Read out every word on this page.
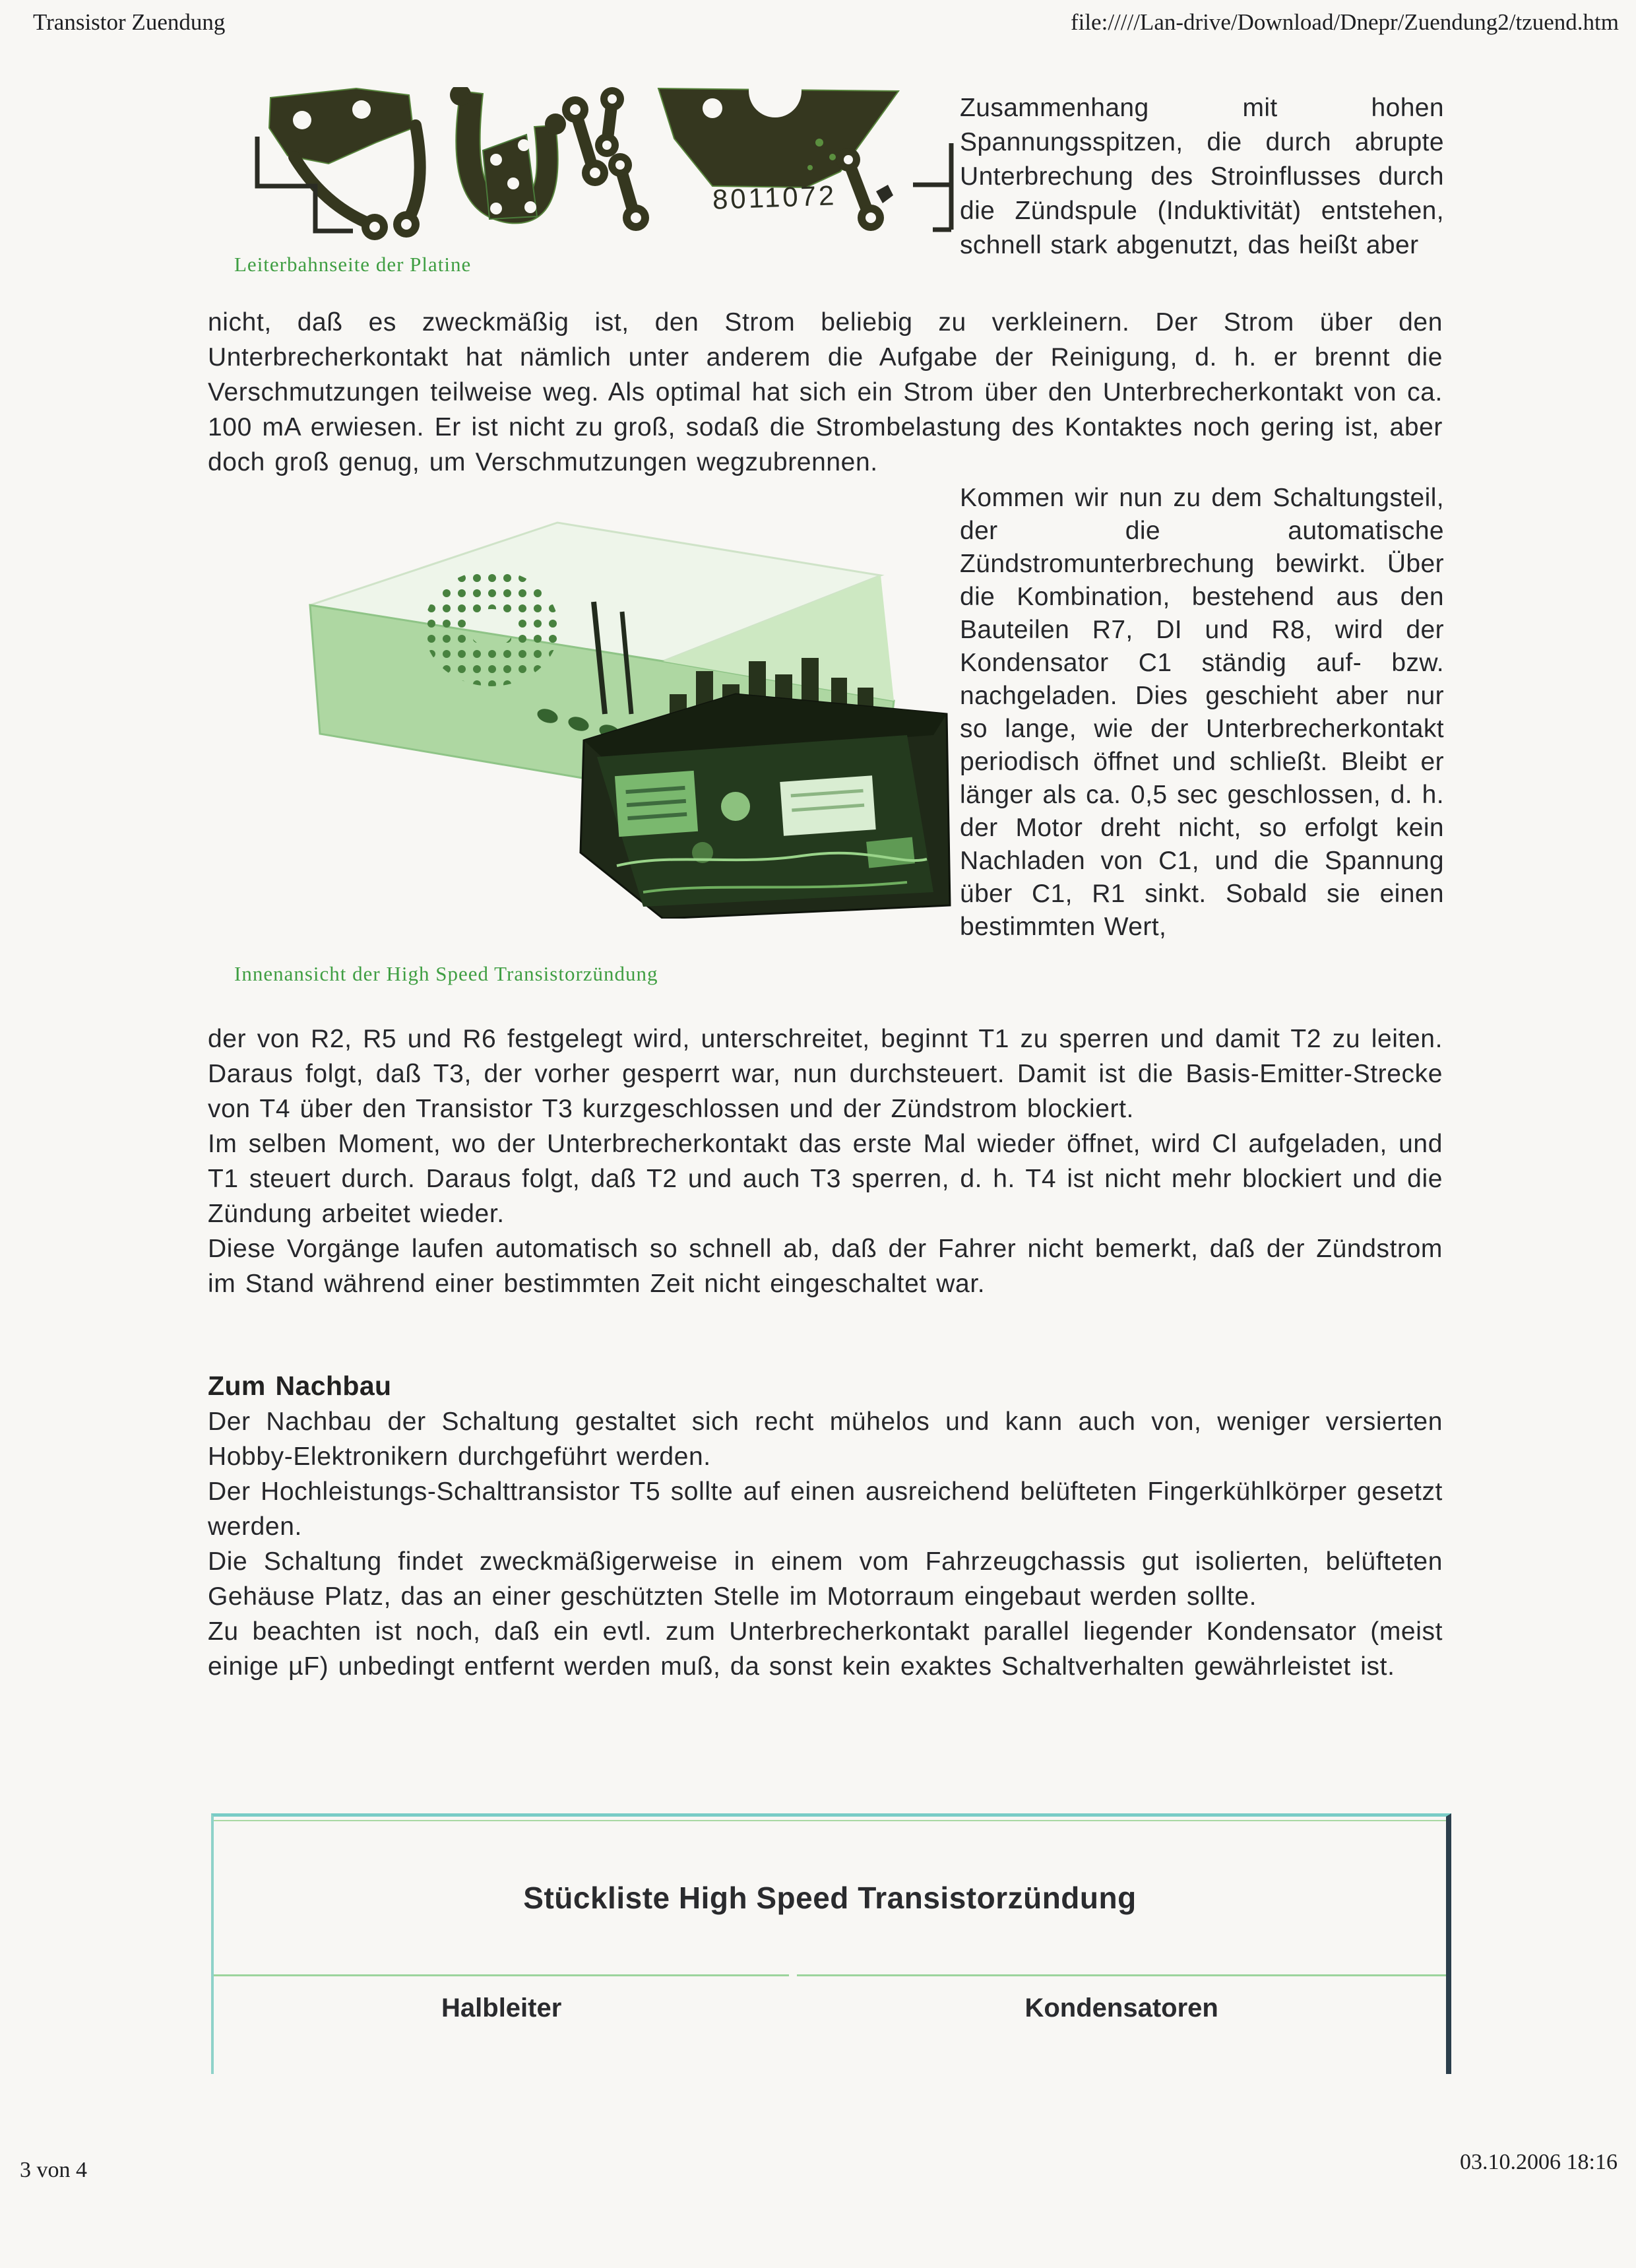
Transistor Zuendung	file://///Lan-drive/Download/Dnepr/Zuendung2/tzuend.htm
8011072
Leiterbahnseite der Platine
Zusammenhang mit hohen Spannungsspitzen, die durch abrupte Unterbrechung des Stroinflusses durch die Zündspule (Induktivität) entstehen, schnell stark abgenutzt, das heißt aber
nicht, daß es zweckmäßig ist, den Strom beliebig zu verkleinern. Der Strom über den Unterbrecherkontakt hat nämlich unter anderem die Aufgabe der Reinigung, d. h. er brennt die Verschmutzungen teilweise weg. Als optimal hat sich ein Strom über den Unterbrecherkontakt von ca. 100 mA erwiesen. Er ist nicht zu groß, sodaß die Strombelastung des Kontaktes noch gering ist, aber doch groß genug, um Verschmutzungen wegzubrennen.
Innenansicht der High Speed Transistorzündung
Kommen wir nun zu dem Schaltungsteil, der die automatische Zündstromunterbrechung bewirkt. Über die Kombination, bestehend aus den Bauteilen R7, DI und R8, wird der Kondensator C1 ständig auf- bzw. nachgeladen. Dies geschieht aber nur so lange, wie der Unterbrecherkontakt periodisch öffnet und schließt. Bleibt er länger als ca. 0,5 sec geschlossen, d. h. der Motor dreht nicht, so erfolgt kein Nachladen von C1, und die Spannung über C1, R1 sinkt. Sobald sie einen bestimmten Wert,

der von R2, R5 und R6 festgelegt wird, unterschreitet, beginnt T1 zu sperren und damit T2 zu leiten. Daraus folgt, daß T3, der vorher gesperrt war, nun durchsteuert. Damit ist die Basis-Emitter-Strecke von T4 über den Transistor T3 kurzgeschlossen und der Zündstrom blockiert.

Im selben Moment, wo der Unterbrecherkontakt das erste Mal wieder öffnet, wird Cl aufgeladen, und T1 steuert durch. Daraus folgt, daß T2 und auch T3 sperren, d. h. T4 ist nicht mehr blockiert und die Zündung arbeitet wieder.

Diese Vorgänge laufen automatisch so schnell ab, daß der Fahrer nicht bemerkt, daß der Zündstrom im Stand während einer bestimmten Zeit nicht eingeschaltet war.

Zum Nachbau

Der Nachbau der Schaltung gestaltet sich recht mühelos und kann auch von, weniger versierten Hobby-Elektronikern durchgeführt werden.

Der Hochleistungs-Schalttransistor T5 sollte auf einen ausreichend belüfteten Fingerkühlkörper gesetzt werden.

Die Schaltung findet zweckmäßigerweise in einem vom Fahrzeugchassis gut isolierten, belüfteten Gehäuse Platz, das an einer geschützten Stelle im Motorraum eingebaut werden sollte.

Zu beachten ist noch, daß ein evtl. zum Unterbrecherkontakt parallel liegender Kondensator (meist einige µF) unbedingt entfernt werden muß, da sonst kein exaktes Schaltverhalten gewährleistet ist.

Stückliste High Speed Transistorzündung
Halbleiter	Kondensatoren
3 von 4	03.10.2006 18:16
